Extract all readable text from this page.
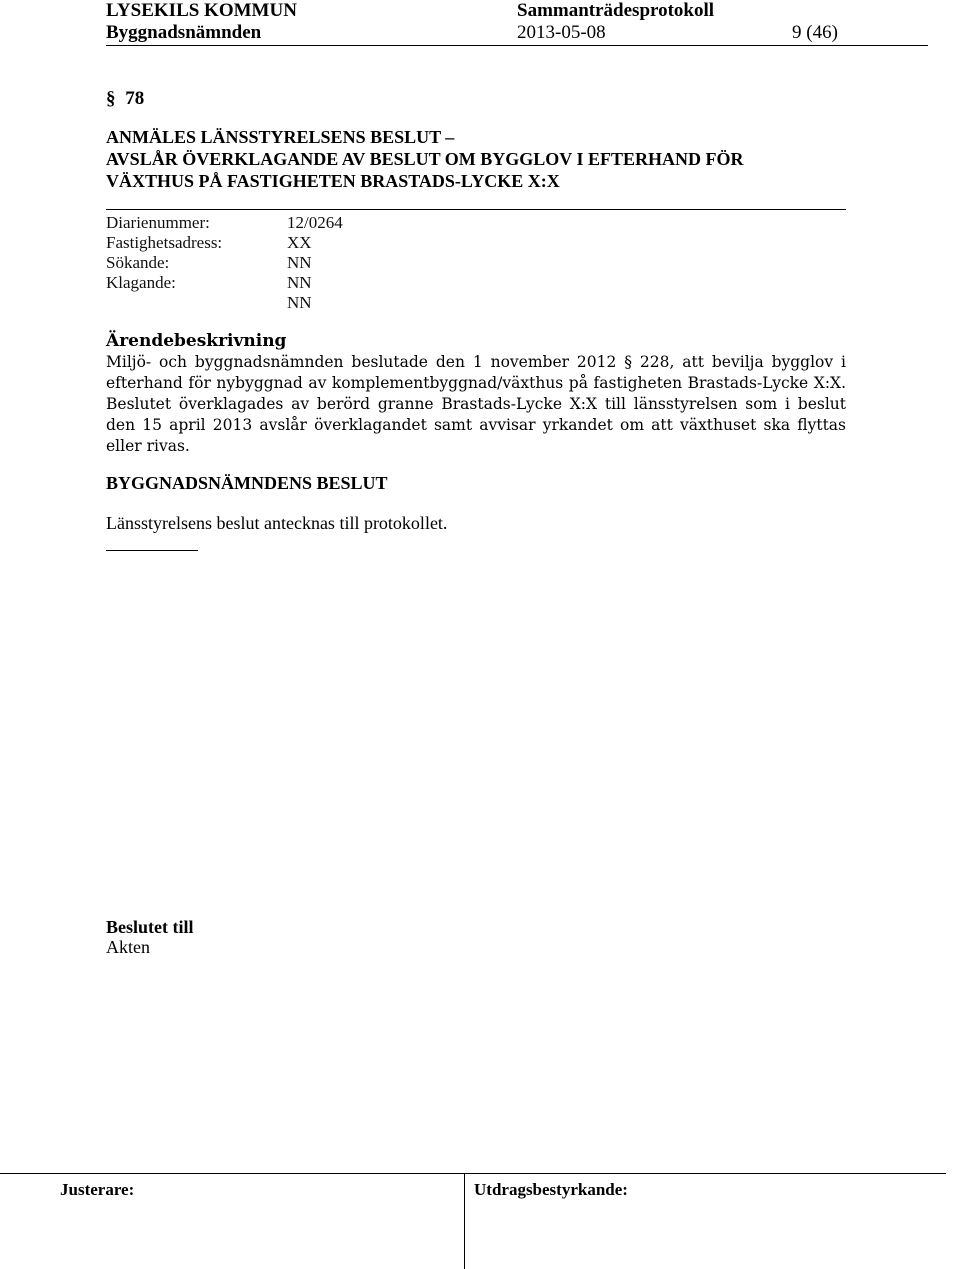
LYSEKILS KOMMUN	Sammanträdesprotokoll
Byggnadsnämnden	2013-05-08	9 (46)
§ 78
ANMÄLES LÄNSSTYRELSENS BESLUT –
AVSLÅR ÖVERKLAGANDE AV BESLUT OM BYGGLOV I EFTERHAND FÖR
VÄXTHUS PÅ FASTIGHETEN BRASTADS-LYCKE X:X
Diarienummer:	12/0264
Fastighetsadress:	XX
Sökande:	NN
Klagande:	NN
NN
Ärendebeskrivning

Miljö- och byggnadsnämnden beslutade den 1 november 2012 § 228, att bevilja bygglov i efterhand för nybyggnad av komplementbyggnad/växthus på fastigheten Brastads-Lycke X:X. Beslutet överklagades av berörd granne Brastads-Lycke X:X till länsstyrelsen som i beslut den 15 april 2013 avslår överklagandet samt avvisar yrkandet om att växthuset ska flyttas eller rivas.

BYGGNADSNÄMNDENS BESLUT
Länsstyrelsens beslut antecknas till protokollet.
Beslutet till
Akten
Justerare:	Utdragsbestyrkande:
